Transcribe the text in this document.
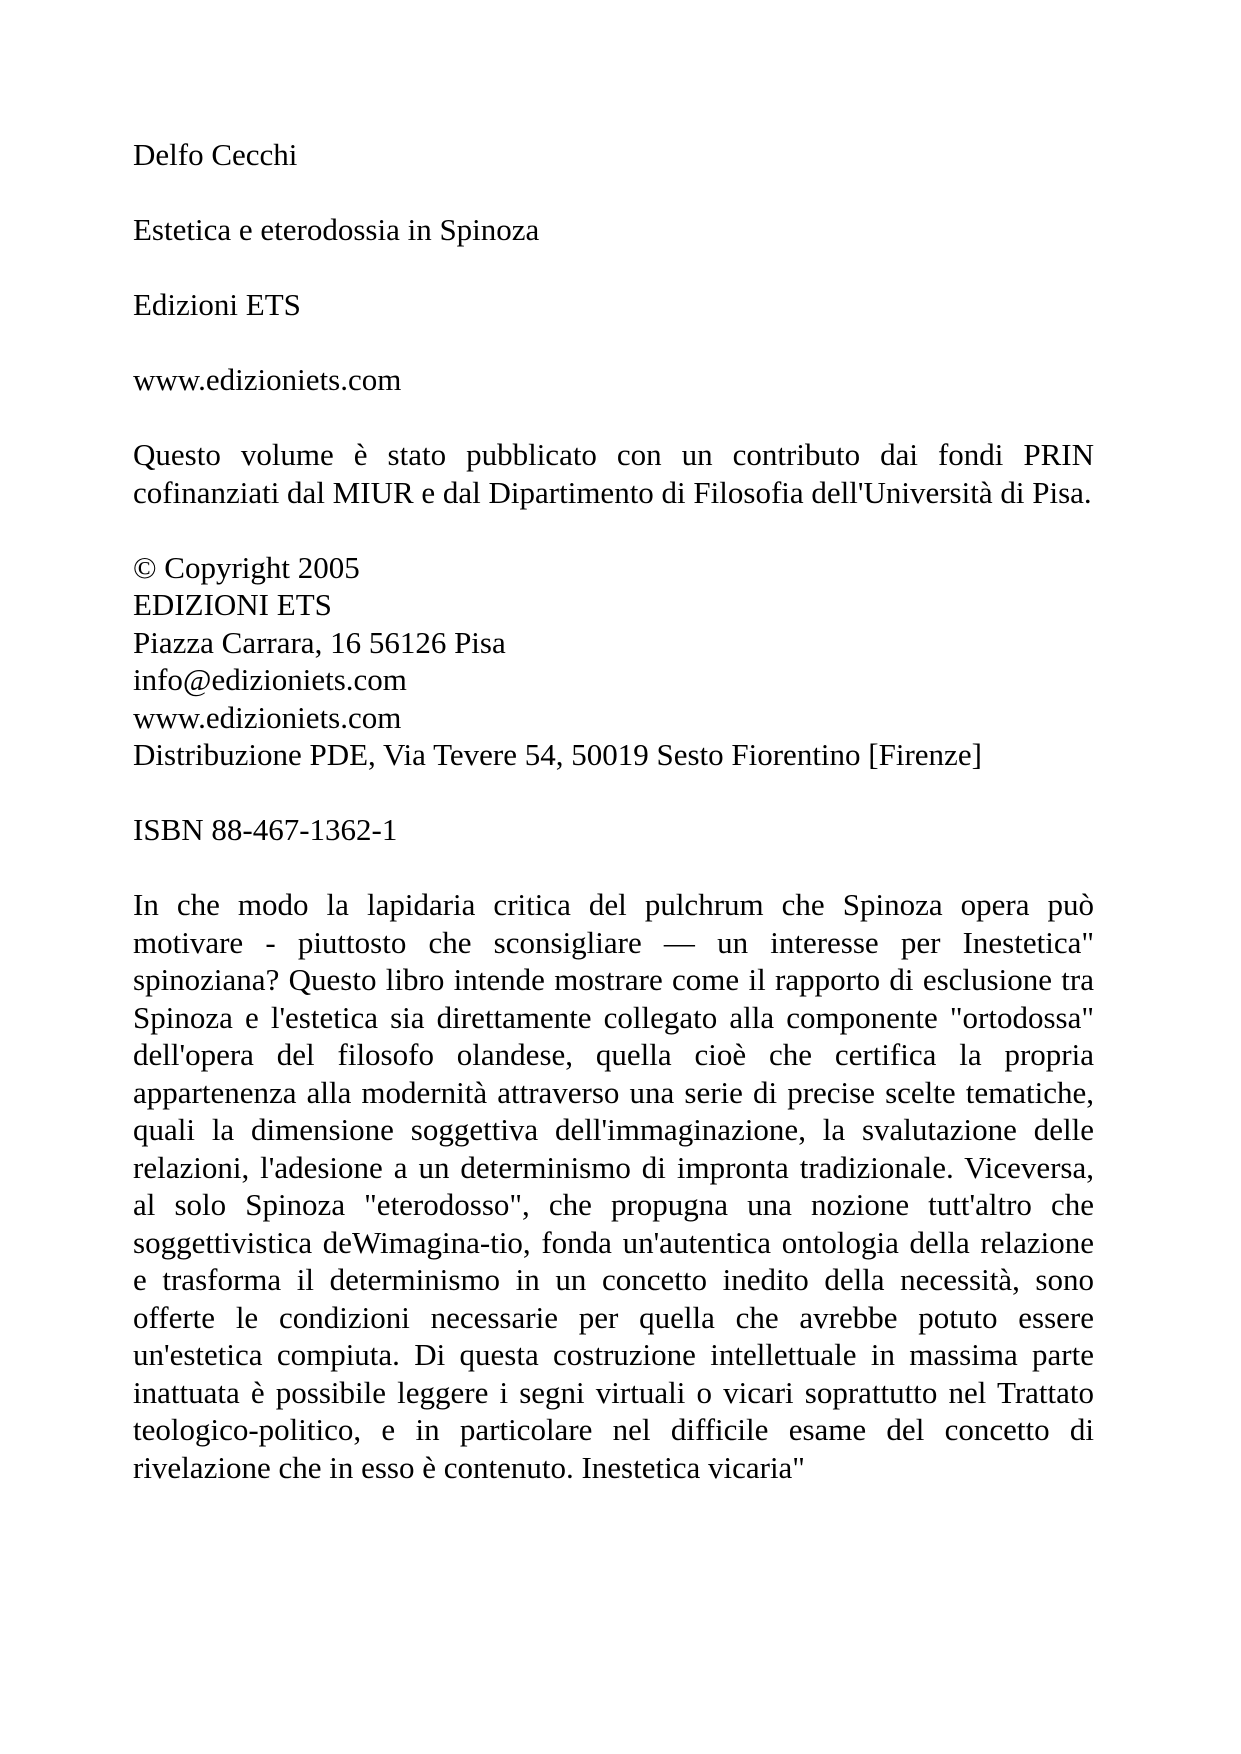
Delfo Cecchi

Estetica e eterodossia in Spinoza

Edizioni ETS

www.edizioniets.com

Questo volume è stato pubblicato con un contributo dai fondi PRIN cofinanziati dal MIUR e dal Dipartimento di Filosofia dell'Università di Pisa.

© Copyright 2005
EDIZIONI ETS
Piazza Carrara, 16 56126 Pisa
info@edizioniets.com
www.edizioniets.com
Distribuzione PDE, Via Tevere 54, 50019 Sesto Fiorentino [Firenze]

ISBN 88-467-1362-1

In che modo la lapidaria critica del pulchrum che Spinoza opera può motivare - piuttosto che sconsigliare — un interesse per Inestetica" spinoziana? Questo libro intende mostrare come il rapporto di esclusione tra Spinoza e l'estetica sia direttamente collegato alla componente "ortodossa" dell'opera del filosofo olandese, quella cioè che certifica la propria appartenenza alla modernità attraverso una serie di precise scelte tematiche, quali la dimensione soggettiva dell'immaginazione, la svalutazione delle relazioni, l'adesione a un determinismo di impronta tradizionale. Viceversa, al solo Spinoza "eterodosso", che propugna una nozione tutt'altro che soggettivistica deWimagina-tio, fonda un'autentica ontologia della relazione e trasforma il determinismo in un concetto inedito della necessità, sono offerte le condizioni necessarie per quella che avrebbe potuto essere un'estetica compiuta. Di questa costruzione intellettuale in massima parte inattuata è possibile leggere i segni virtuali o vicari soprattutto nel Trattato teologico-politico, e in particolare nel difficile esame del concetto di rivelazione che in esso è contenuto. Inestetica vicaria"
